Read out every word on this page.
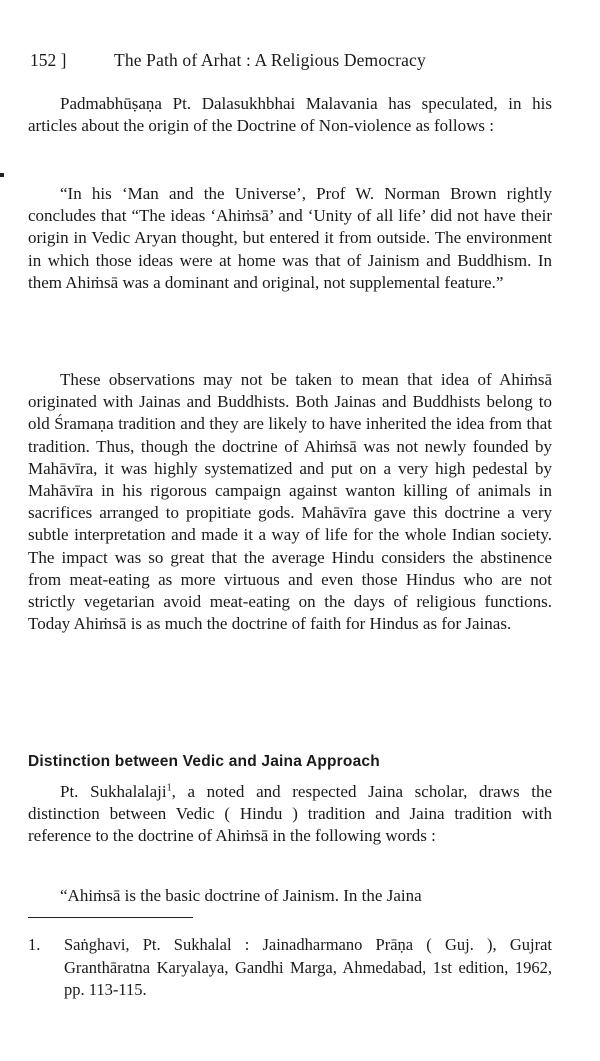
152 ]	The Path of Arhat : A Religious Democracy

Padmabhūṣaṇa Pt. Dalasukhbhai Malavania has speculated, in his articles about the origin of the Doctrine of Non-violence as follows :

“In his ‘Man and the Universe’, Prof W. Norman Brown rightly concludes that “The ideas ‘Ahiṁsā’ and ‘Unity of all life’ did not have their origin in Vedic Aryan thought, but entered it from outside. The environment in which those ideas were at home was that of Jainism and Buddhism. In them Ahiṁsā was a dominant and original, not supplemental feature.”

These observations may not be taken to mean that idea of Ahiṁsā originated with Jainas and Buddhists. Both Jainas and Buddhists belong to old Śramaṇa tradition and they are likely to have inherited the idea from that tradition. Thus, though the doctrine of Ahiṁsā was not newly founded by Mahāvīra, it was highly systematized and put on a very high pedestal by Mahāvīra in his rigorous campaign against wanton killing of animals in sacrifices arranged to propitiate gods. Mahāvīra gave this doctrine a very subtle interpretation and made it a way of life for the whole Indian society. The impact was so great that the average Hindu considers the abstinence from meat-eating as more virtuous and even those Hindus who are not strictly vegetarian avoid meat-eating on the days of religious functions. Today Ahiṁsā is as much the doctrine of faith for Hindus as for Jainas.

Distinction between Vedic and Jaina Approach

Pt. Sukhalalaji$^1$, a noted and respected Jaina scholar, draws the distinction between Vedic ( Hindu ) tradition and Jaina tradition with reference to the doctrine of Ahiṁsā in the following words :

“Ahiṁsā is the basic doctrine of Jainism. In the Jaina

1. Saṅghavi, Pt. Sukhalal : Jainadharmano Prāṇa ( Guj. ), Gujrat Granthāratna Karyalaya, Gandhi Marga, Ahmedabad, 1st edition, 1962, pp. 113-115.
